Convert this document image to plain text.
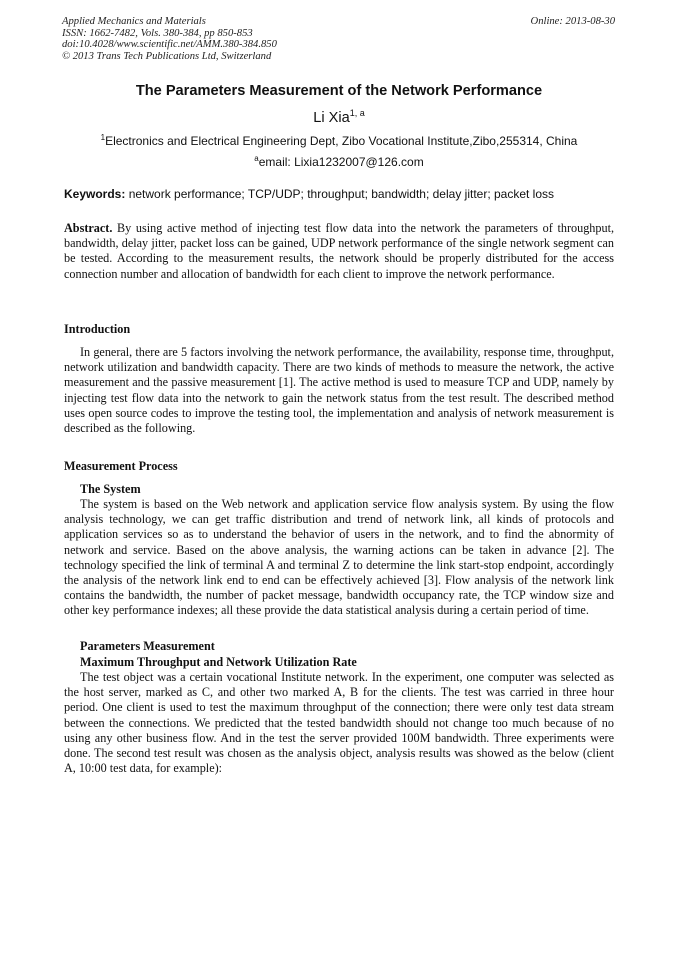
Applied Mechanics and Materials
ISSN: 1662-7482, Vols. 380-384, pp 850-853
doi:10.4028/www.scientific.net/AMM.380-384.850
© 2013 Trans Tech Publications Ltd, Switzerland
Online: 2013-08-30
The Parameters Measurement of the Network Performance
Li Xia$^{1, a}$
$^1$Electronics and Electrical Engineering Dept, Zibo Vocational Institute,Zibo,255314, China
$^a$email: Lixia1232007@126.com
Keywords: network performance; TCP/UDP; throughput; bandwidth; delay jitter; packet loss
Abstract. By using active method of injecting test flow data into the network the parameters of throughput, bandwidth, delay jitter, packet loss can be gained, UDP network performance of the single network segment can be tested. According to the measurement results, the network should be properly distributed for the access connection number and allocation of bandwidth for each client to improve the network performance.
Introduction
In general, there are 5 factors involving the network performance, the availability, response time, throughput, network utilization and bandwidth capacity. There are two kinds of methods to measure the network, the active measurement and the passive measurement [1]. The active method is used to measure TCP and UDP, namely by injecting test flow data into the network to gain the network status from the test result. The described method uses open source codes to improve the testing tool, the implementation and analysis of network measurement is described as the following.
Measurement Process
The System
The system is based on the Web network and application service flow analysis system. By using the flow analysis technology, we can get traffic distribution and trend of network link, all kinds of protocols and application services so as to understand the behavior of users in the network, and to find the abnormity of network and service. Based on the above analysis, the warning actions can be taken in advance [2]. The technology specified the link of terminal A and terminal Z to determine the link start-stop endpoint, accordingly the analysis of the network link end to end can be effectively achieved [3]. Flow analysis of the network link contains the bandwidth, the number of packet message, bandwidth occupancy rate, the TCP window size and other key performance indexes; all these provide the data statistical analysis during a certain period of time.
Parameters Measurement
Maximum Throughput and Network Utilization Rate
The test object was a certain vocational Institute network. In the experiment, one computer was selected as the host server, marked as C, and other two marked A, B for the clients. The test was carried in three hour period. One client is used to test the maximum throughput of the connection; there were only test data stream between the connections. We predicted that the tested bandwidth should not change too much because of no using any other business flow. And in the test the server provided 100M bandwidth. Three experiments were done. The second test result was chosen as the analysis object, analysis results was showed as the below (client A, 10:00 test data, for example):
